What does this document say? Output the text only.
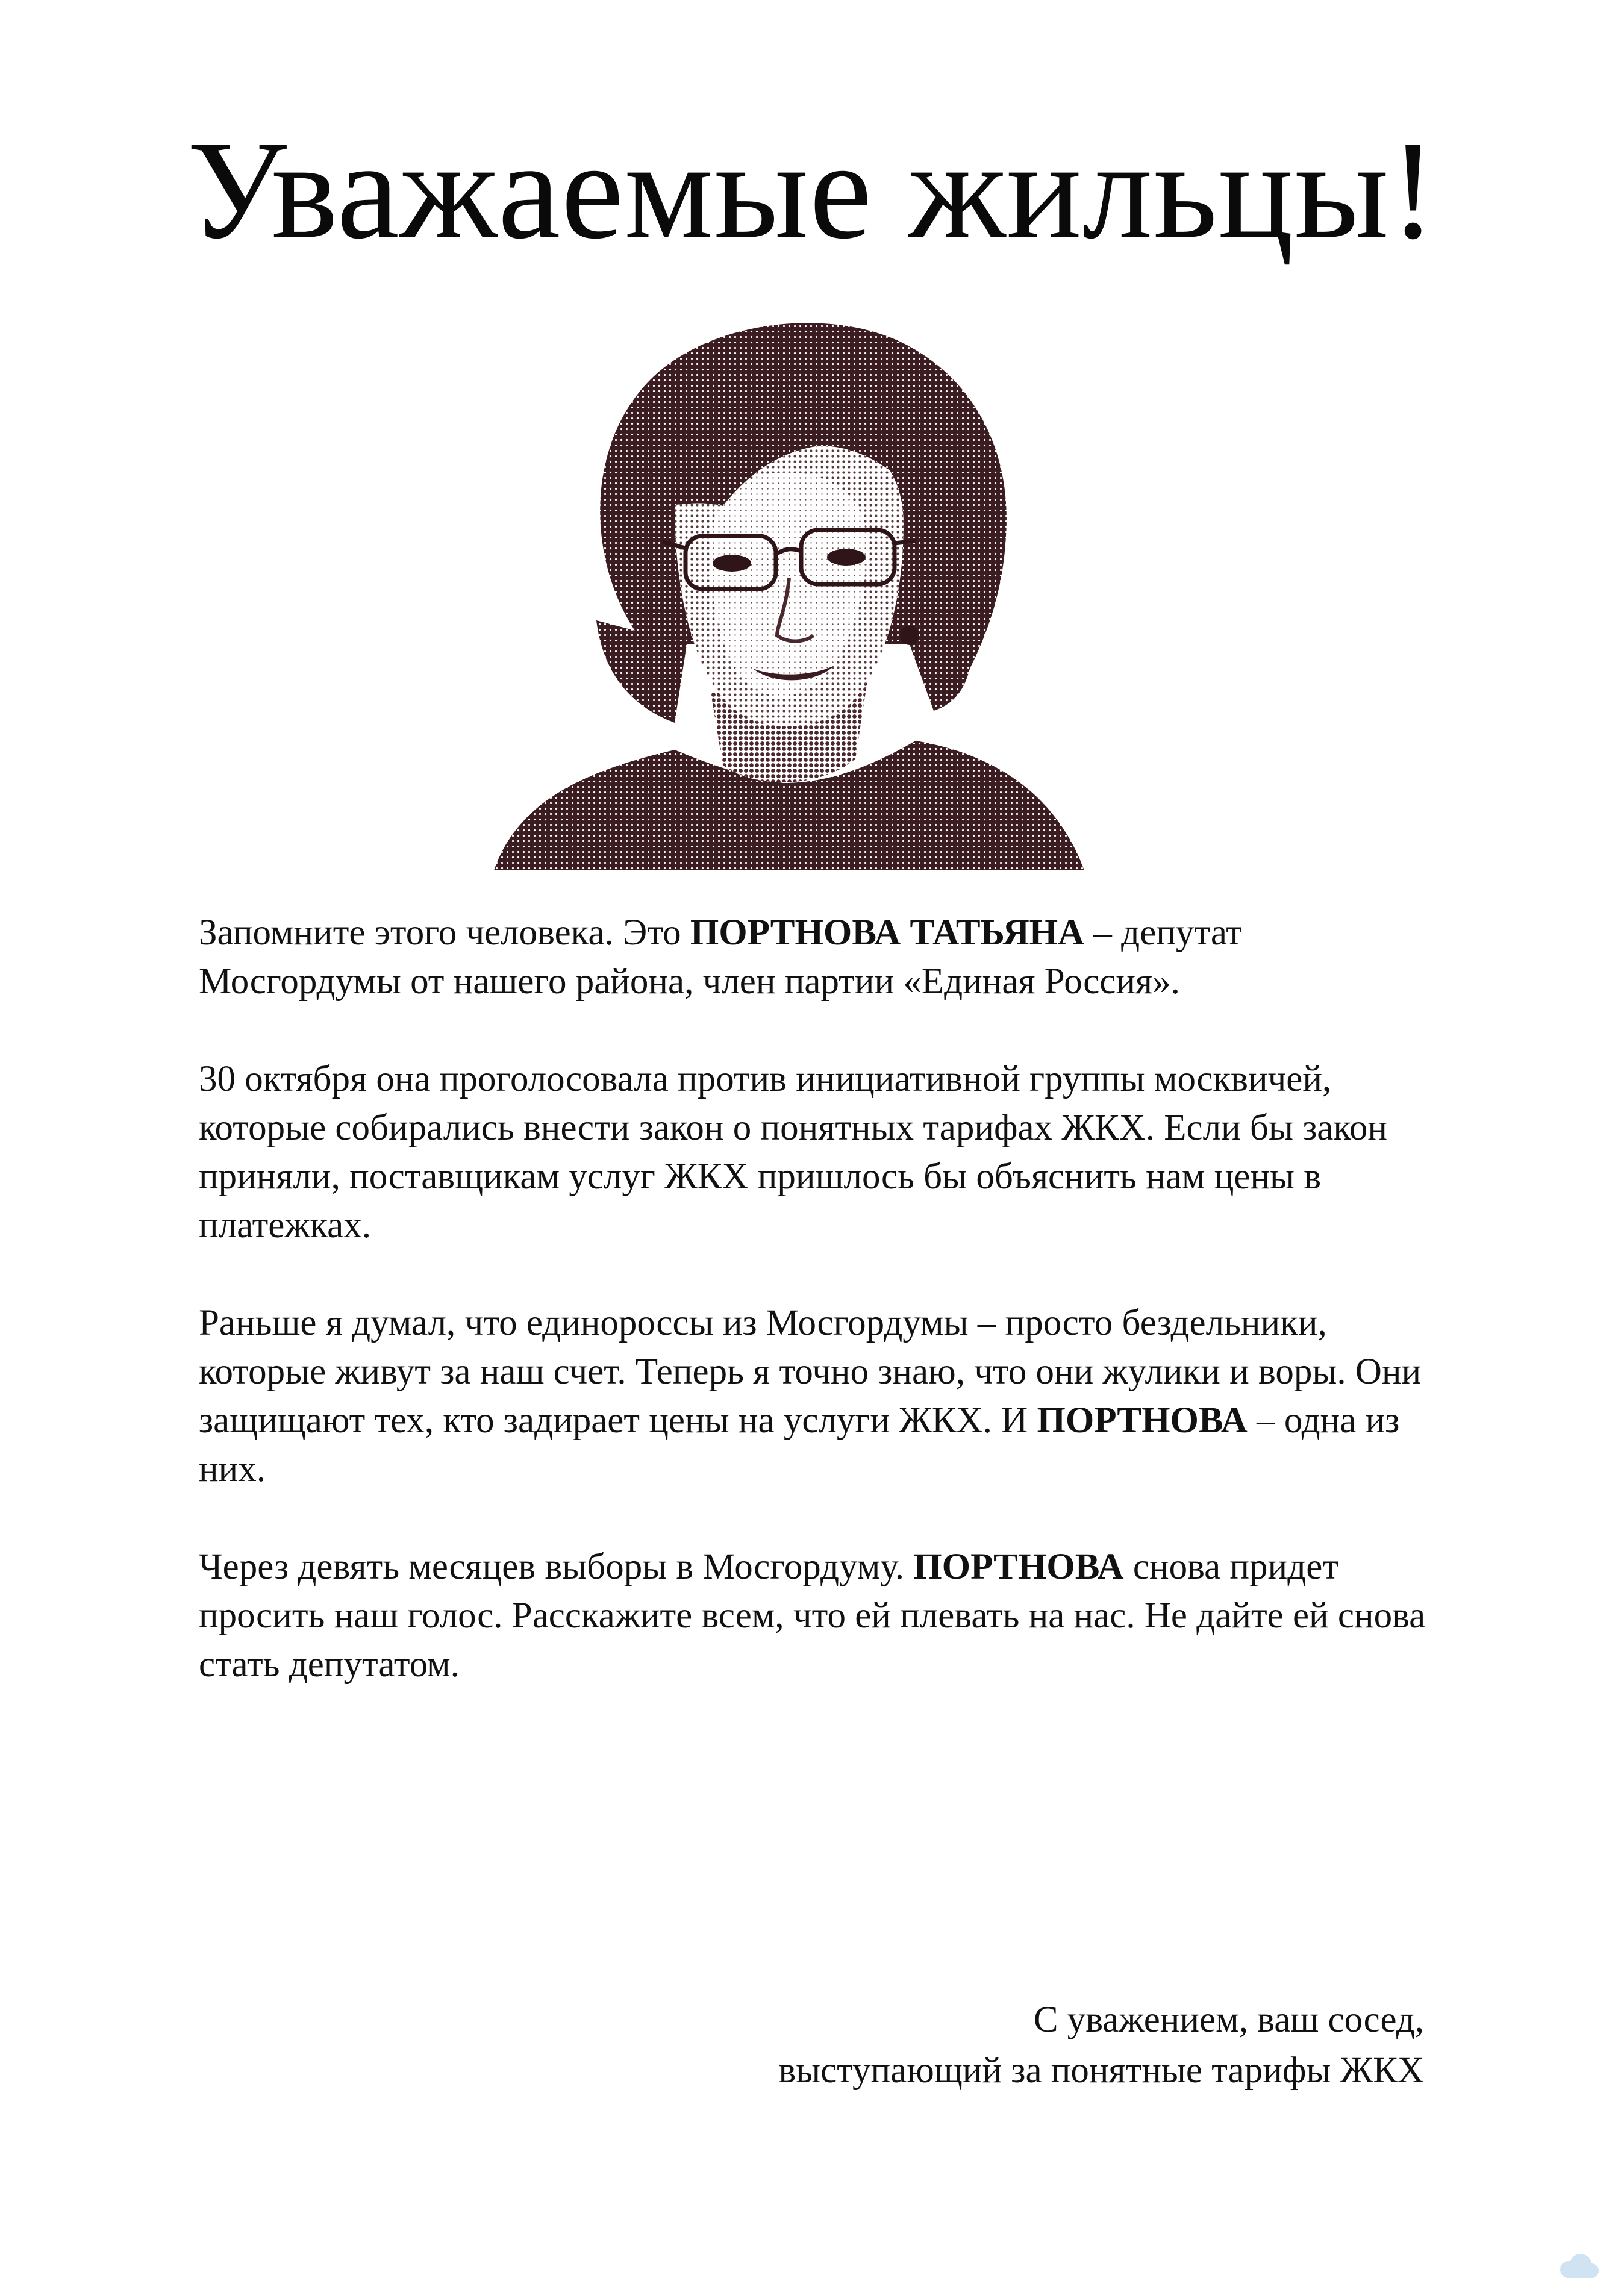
Уважаемые жильцы!

Запомните этого человека. Это ПОРТНОВА ТАТЬЯНА – депутат Мосгордумы от нашего района, член партии «Единая Россия».

30 октября она проголосовала против инициативной группы москвичей, которые собирались внести закон о понятных тарифах ЖКХ. Если бы закон приняли, поставщикам услуг ЖКХ пришлось бы объяснить нам цены в платежках.

Раньше я думал, что единороссы из Мосгордумы – просто бездельники, которые живут за наш счет. Теперь я точно знаю, что они жулики и воры. Они защищают тех, кто задирает цены на услуги ЖКХ. И ПОРТНОВА – одна из них.

Через девять месяцев выборы в Мосгордуму. ПОРТНОВА снова придет просить наш голос. Расскажите всем, что ей плевать на нас. Не дайте ей снова стать депутатом.

С уважением, ваш сосед,
выступающий за понятные тарифы ЖКХ
